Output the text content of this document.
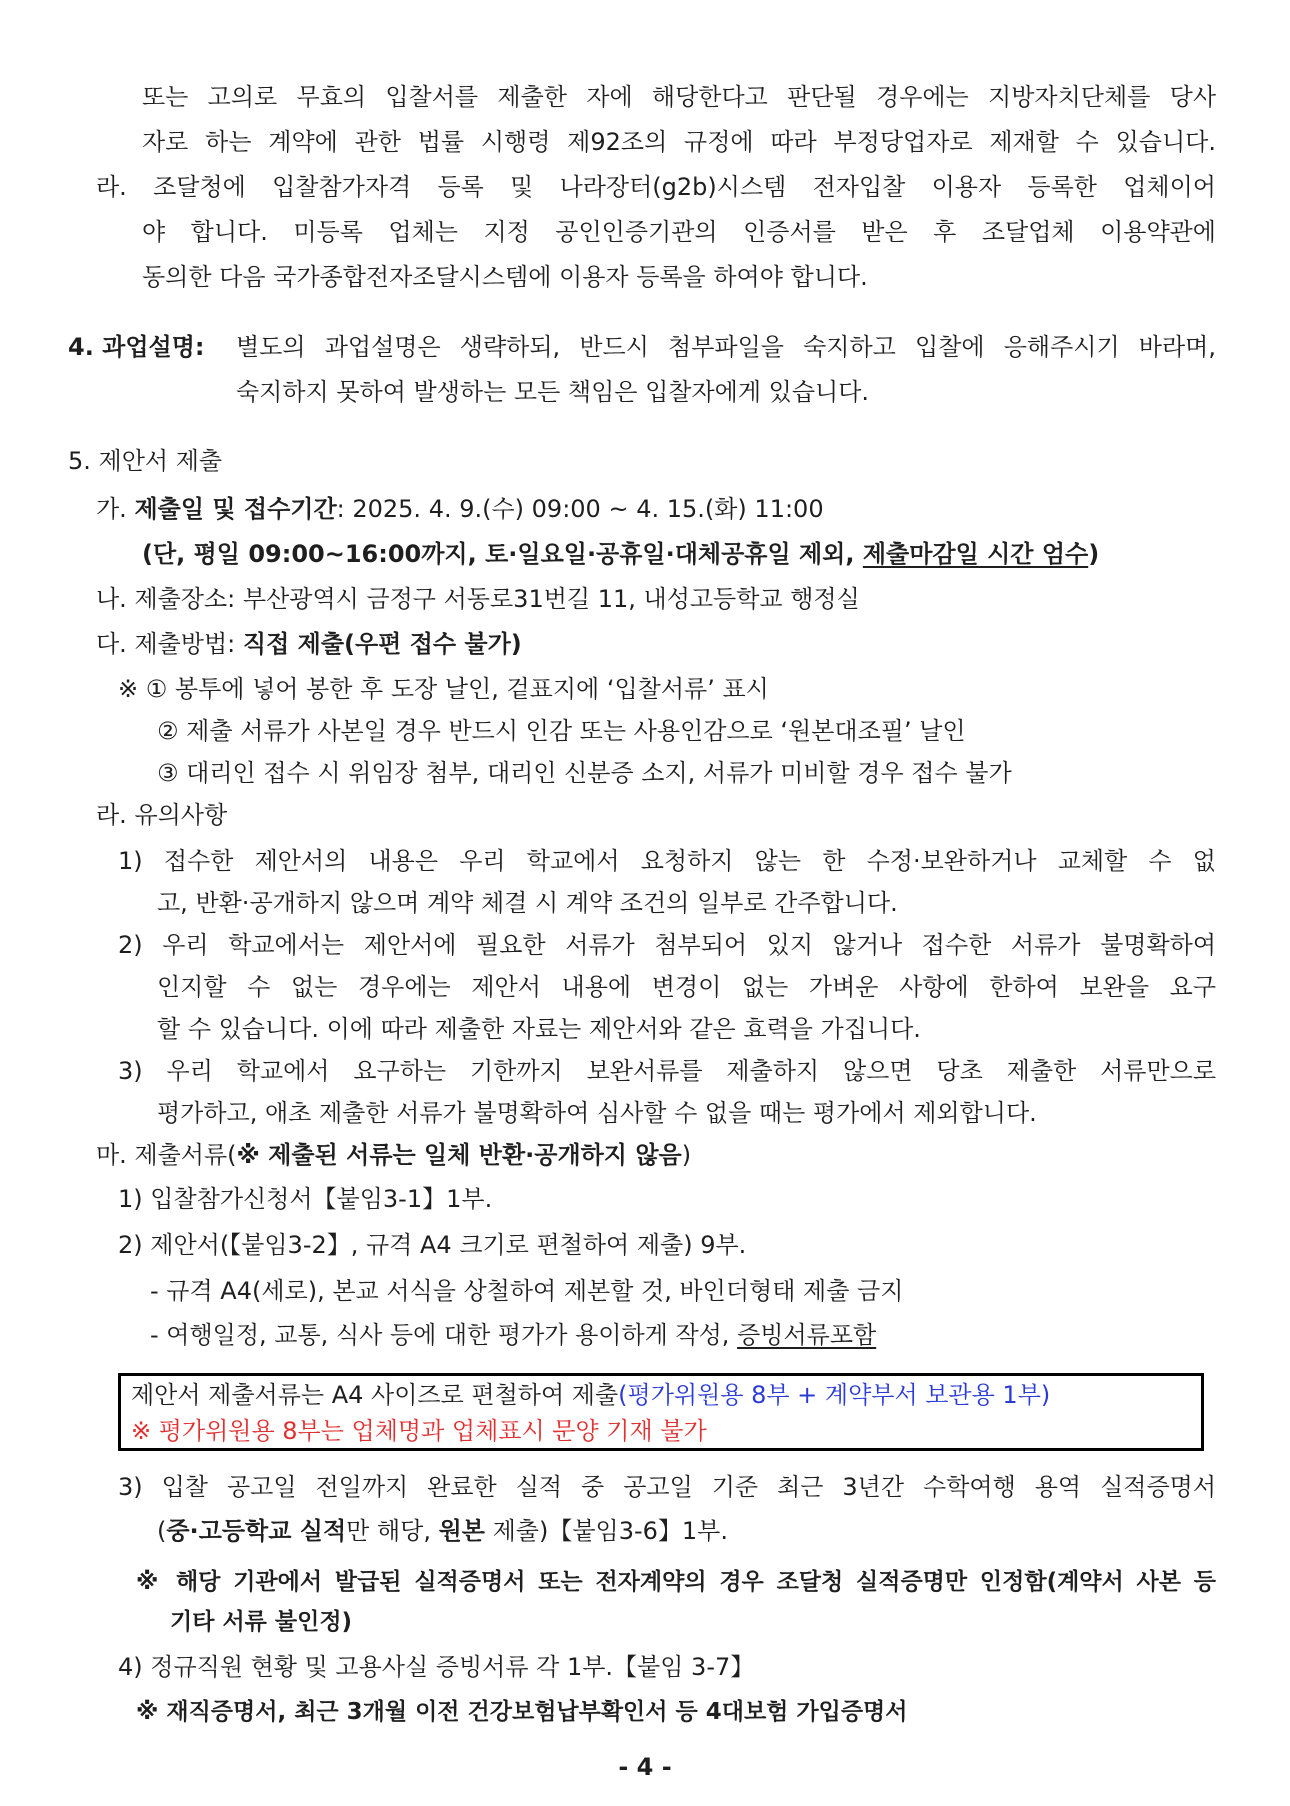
또는 고의로 무효의 입찰서를 제출한 자에 해당한다고 판단될 경우에는 지방자치단체를 당사
자로 하는 계약에 관한 법률 시행령 제92조의 규정에 따라 부정당업자로 제재할 수 있습니다.
라. 조달청에 입찰참가자격 등록 및 나라장터(g2b)시스템 전자입찰 이용자 등록한 업체이어
야 합니다. 미등록 업체는 지정 공인인증기관의 인증서를 받은 후 조달업체 이용약관에
동의한 다음 국가종합전자조달시스템에 이용자 등록을 하여야 합니다.
4. 과업설명: 별도의 과업설명은 생략하되, 반드시 첨부파일을 숙지하고 입찰에 응해주시기 바라며,
숙지하지 못하여 발생하는 모든 책임은 입찰자에게 있습니다.
5. 제안서 제출
가. 제출일 및 접수기간: 2025. 4. 9.(수) 09:00 ~ 4. 15.(화) 11:00
(단, 평일 09:00~16:00까지, 토·일요일·공휴일·대체공휴일 제외, 제출마감일 시간 엄수)
나. 제출장소: 부산광역시 금정구 서동로31번길 11, 내성고등학교 행정실
다. 제출방법: 직접 제출(우편 접수 불가)
※ ① 봉투에 넣어 봉한 후 도장 날인, 겉표지에 ‘입찰서류’ 표시
② 제출 서류가 사본일 경우 반드시 인감 또는 사용인감으로 ‘원본대조필’ 날인
③ 대리인 접수 시 위임장 첨부, 대리인 신분증 소지, 서류가 미비할 경우 접수 불가
라. 유의사항
1) 접수한 제안서의 내용은 우리 학교에서 요청하지 않는 한 수정·보완하거나 교체할 수 없
고, 반환·공개하지 않으며 계약 체결 시 계약 조건의 일부로 간주합니다.
2) 우리 학교에서는 제안서에 필요한 서류가 첨부되어 있지 않거나 접수한 서류가 불명확하여
인지할 수 없는 경우에는 제안서 내용에 변경이 없는 가벼운 사항에 한하여 보완을 요구
할 수 있습니다. 이에 따라 제출한 자료는 제안서와 같은 효력을 가집니다.
3) 우리 학교에서 요구하는 기한까지 보완서류를 제출하지 않으면 당초 제출한 서류만으로
평가하고, 애초 제출한 서류가 불명확하여 심사할 수 없을 때는 평가에서 제외합니다.
마. 제출서류(※ 제출된 서류는 일체 반환·공개하지 않음)
1) 입찰참가신청서【붙임3-1】1부.
2) 제안서(【붙임3-2】, 규격 A4 크기로 편철하여 제출) 9부.
- 규격 A4(세로), 본교 서식을 상철하여 제본할 것, 바인더형태 제출 금지
- 여행일정, 교통, 식사 등에 대한 평가가 용이하게 작성, 증빙서류포함
제안서 제출서류는 A4 사이즈로 편철하여 제출(평가위원용 8부 + 계약부서 보관용 1부)
※ 평가위원용 8부는 업체명과 업체표시 문양 기재 불가
3) 입찰 공고일 전일까지 완료한 실적 중 공고일 기준 최근 3년간 수학여행 용역 실적증명서
(중·고등학교 실적만 해당, 원본 제출)【붙임3-6】1부.
※ 해당 기관에서 발급된 실적증명서 또는 전자계약의 경우 조달청 실적증명만 인정함(계약서 사본 등
기타 서류 불인정)
4) 정규직원 현황 및 고용사실 증빙서류 각 1부.【붙임 3-7】
※ 재직증명서, 최근 3개월 이전 건강보험납부확인서 등 4대보험 가입증명서
- 4 -
